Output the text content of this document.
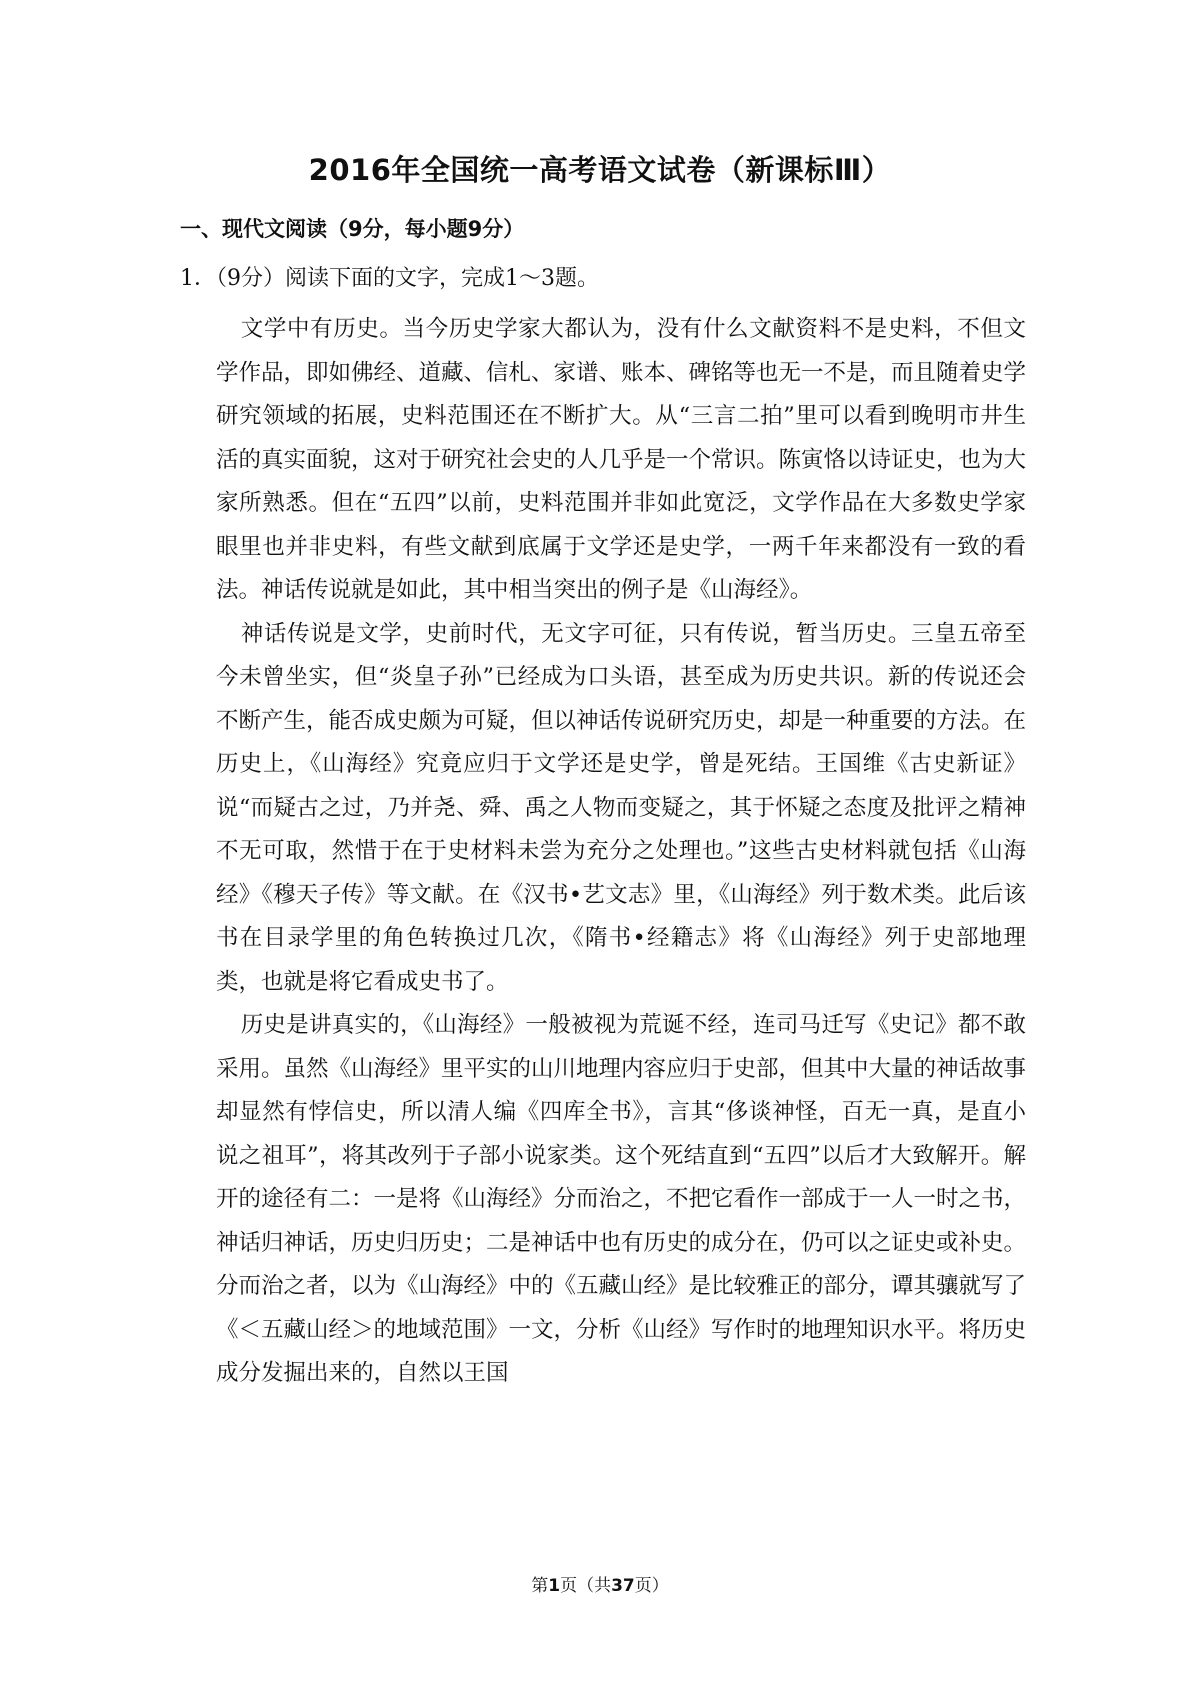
2016年全国统一高考语文试卷（新课标Ⅲ）
一、现代文阅读（9分，每小题9分）
1．（9分）阅读下面的文字，完成1～3题。

文学中有历史。当今历史学家大都认为，没有什么文献资料不是史料，不但文学作品，即如佛经、道藏、信札、家谱、账本、碑铭等也无一不是，而且随着史学研究领域的拓展，史料范围还在不断扩大。从“三言二拍”里可以看到晚明市井生活的真实面貌，这对于研究社会史的人几乎是一个常识。陈寅恪以诗证史，也为大家所熟悉。但在“五四”以前，史料范围并非如此宽泛，文学作品在大多数史学家眼里也并非史料，有些文献到底属于文学还是史学，一两千年来都没有一致的看法。神话传说就是如此，其中相当突出的例子是《山海经》。

神话传说是文学，史前时代，无文字可征，只有传说，暂当历史。三皇五帝至今未曾坐实，但“炎皇子孙”已经成为口头语，甚至成为历史共识。新的传说还会不断产生，能否成史颇为可疑，但以神话传说研究历史，却是一种重要的方法。在历史上，《山海经》究竟应归于文学还是史学，曾是死结。王国维《古史新证》说“而疑古之过，乃并尧、舜、禹之人物而变疑之，其于怀疑之态度及批评之精神不无可取，然惜于在于史材料未尝为充分之处理也。”这些古史材料就包括《山海经》《穆天子传》等文献。在《汉书•艺文志》里，《山海经》列于数术类。此后该书在目录学里的角色转换过几次，《隋书•经籍志》将《山海经》列于史部地理类，也就是将它看成史书了。

历史是讲真实的，《山海经》一般被视为荒诞不经，连司马迁写《史记》都不敢采用。虽然《山海经》里平实的山川地理内容应归于史部，但其中大量的神话故事却显然有悖信史，所以清人编《四库全书》，言其“侈谈神怪，百无一真，是直小说之祖耳”，将其改列于子部小说家类。这个死结直到“五四”以后才大致解开。解开的途径有二：一是将《山海经》分而治之，不把它看作一部成于一人一时之书，神话归神话，历史归历史；二是神话中也有历史的成分在，仍可以之证史或补史。分而治之者，以为《山海经》中的《五藏山经》是比较雅正的部分，谭其骧就写了《＜五藏山经＞的地域范围》一文，分析《山经》写作时的地理知识水平。将历史成分发掘出来的，自然以王国

第1页（共37页）
